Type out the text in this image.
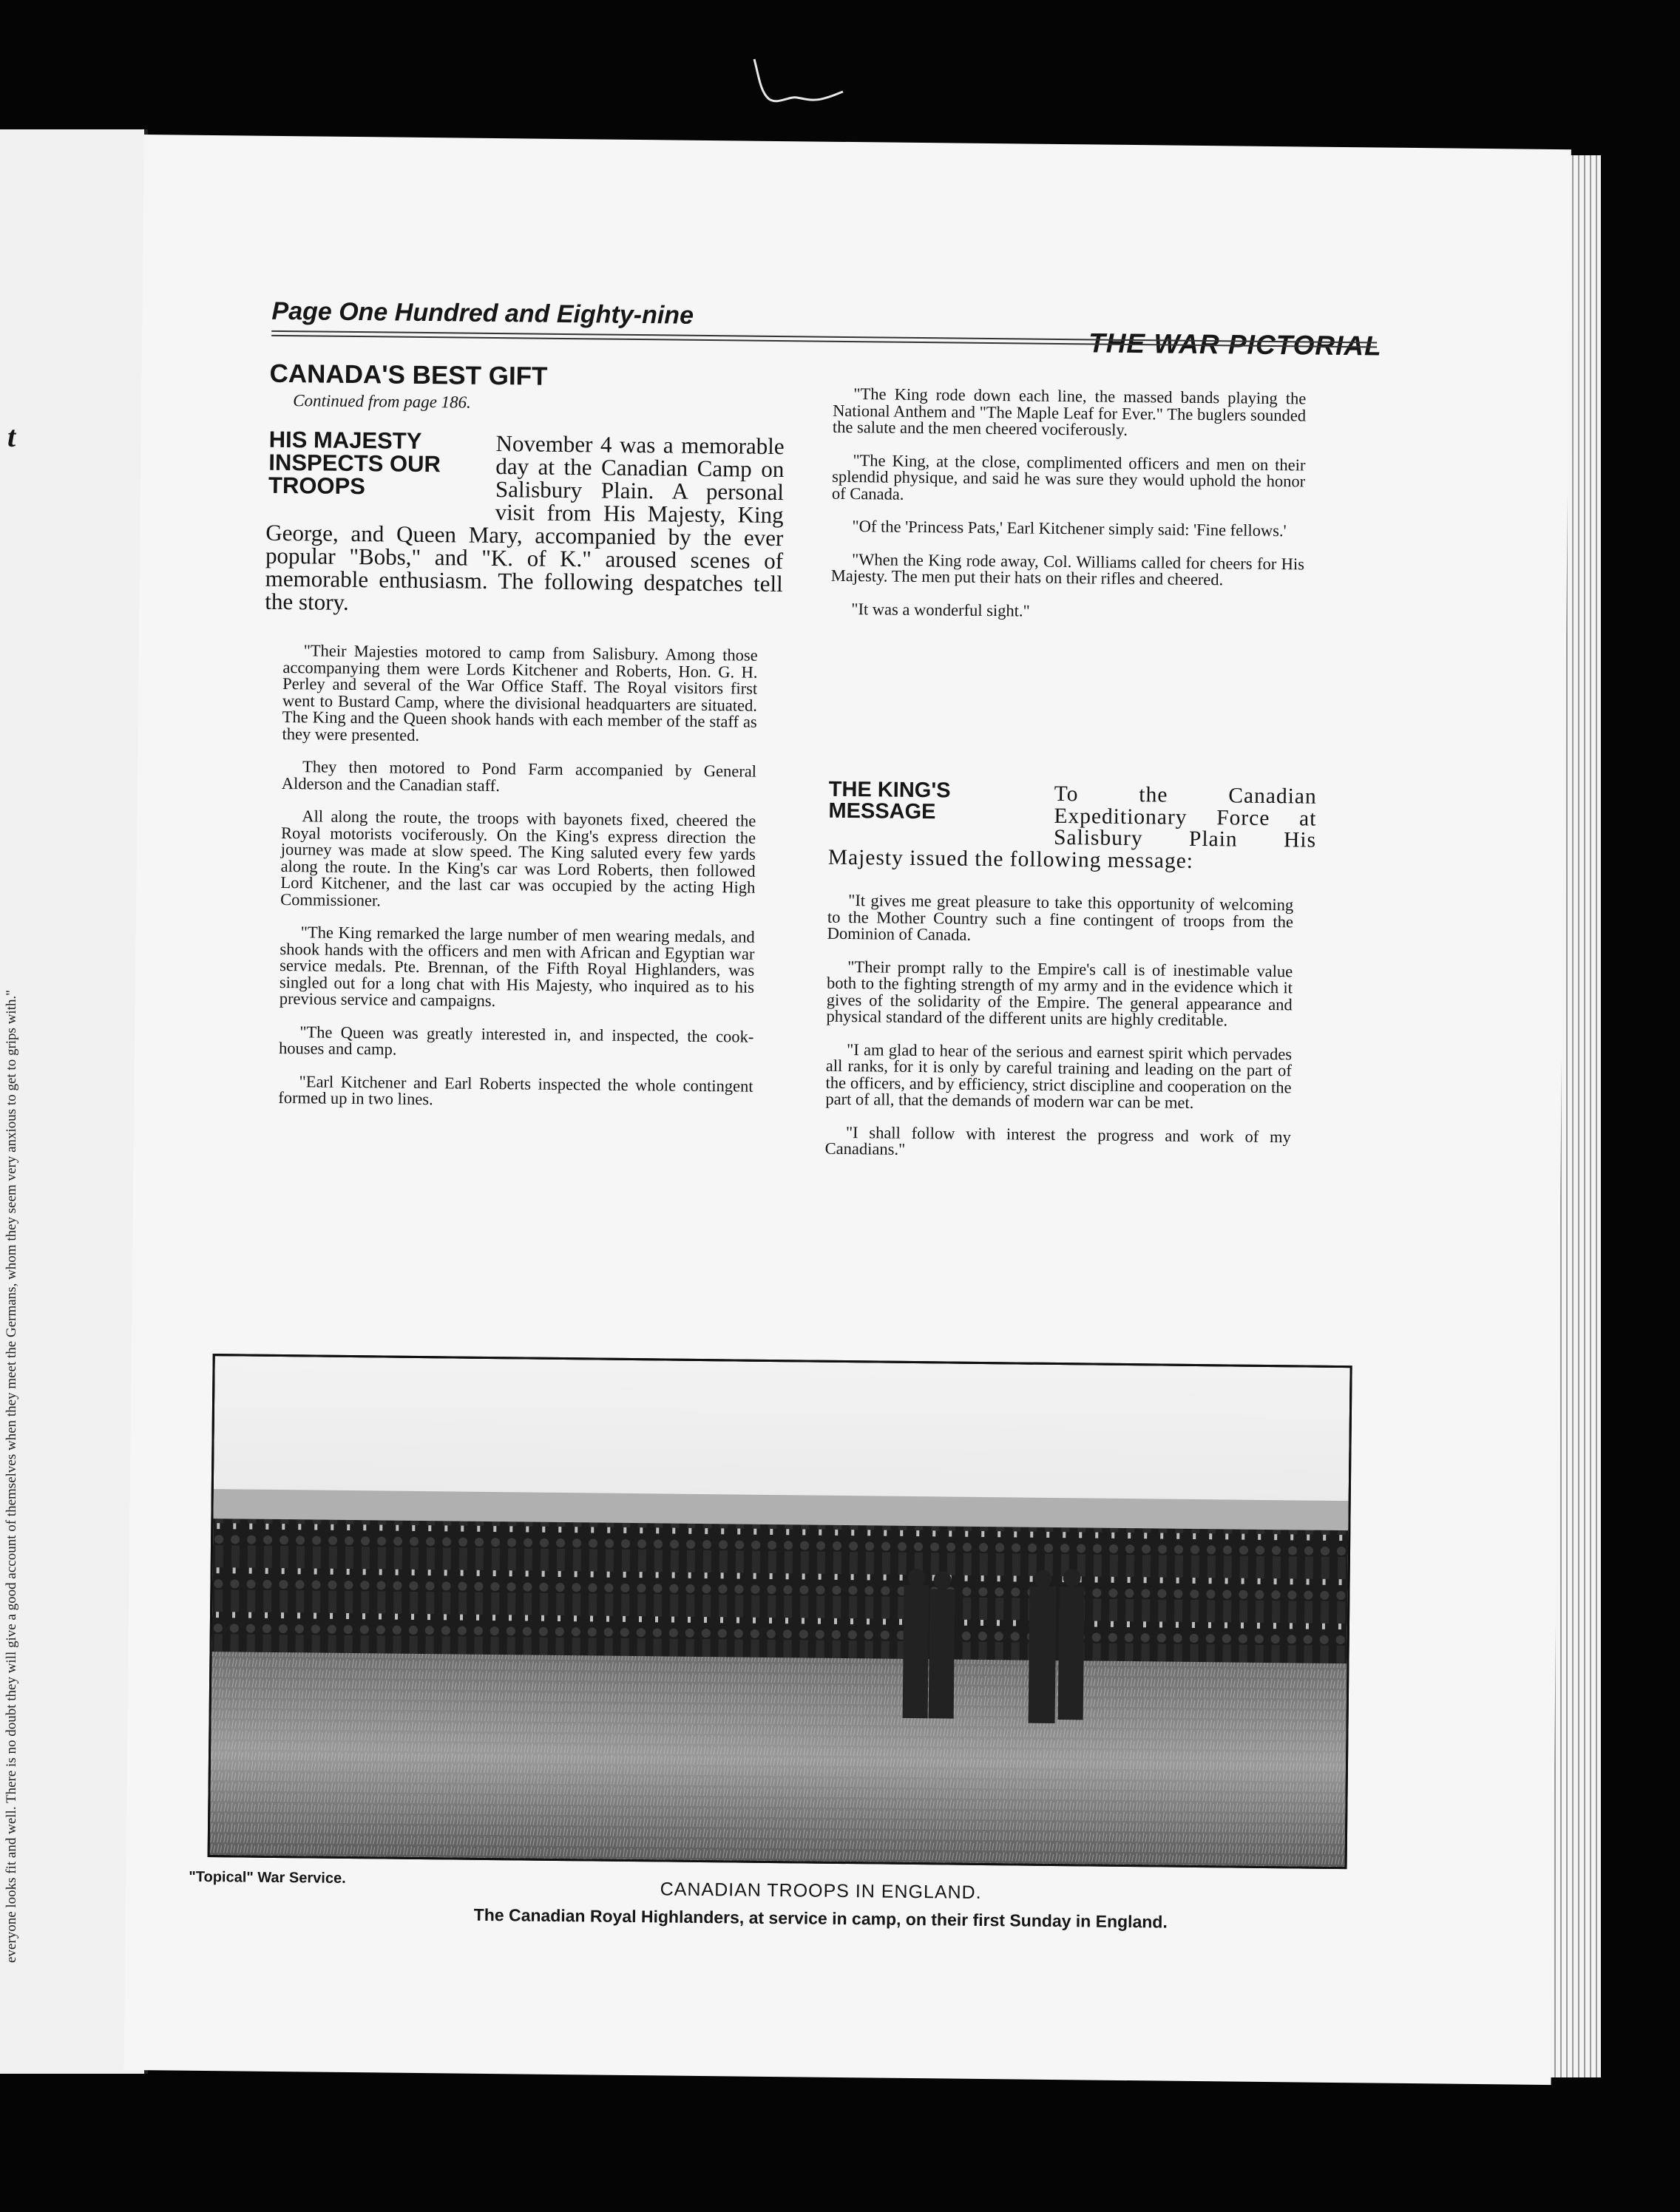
t
everyone looks fit and well. There is no doubt they will give a good account of themselves when they meet the Germans, whom they seem very anxious to get to grips with."
Page One Hundred and Eighty-nine
THE WAR PICTORIAL
CANADA'S BEST GIFT
Continued from page 186.
HIS MAJESTY INSPECTS OUR TROOPS
November 4 was a memorable day at the Canadian Camp on Salisbury Plain. A personal visit from His Majesty, King George, and Queen Mary, accompanied by the ever popular "Bobs," and "K. of K." aroused scenes of memorable enthusiasm. The following despatches tell the story.

"Their Majesties motored to camp from Salisbury. Among those accompanying them were Lords Kitchener and Roberts, Hon. G. H. Perley and several of the War Office Staff. The Royal visitors first went to Bustard Camp, where the divisional headquarters are situated. The King and the Queen shook hands with each member of the staff as they were presented.

They then motored to Pond Farm accompanied by General Alderson and the Canadian staff.

All along the route, the troops with bayonets fixed, cheered the Royal motorists vociferously. On the King's express direction the journey was made at slow speed. The King saluted every few yards along the route. In the King's car was Lord Roberts, then followed Lord Kitchener, and the last car was occupied by the acting High Commissioner.

"The King remarked the large number of men wearing medals, and shook hands with the officers and men with African and Egyptian war service medals. Pte. Brennan, of the Fifth Royal Highlanders, was singled out for a long chat with His Majesty, who inquired as to his previous service and campaigns.

"The Queen was greatly interested in, and inspected, the cook-houses and camp.

"Earl Kitchener and Earl Roberts inspected the whole contingent formed up in two lines.

"The King rode down each line, the massed bands playing the National Anthem and "The Maple Leaf for Ever." The buglers sounded the salute and the men cheered vociferously.

"The King, at the close, complimented officers and men on their splendid physique, and said he was sure they would uphold the honor of Canada.

"Of the 'Princess Pats,' Earl Kitchener simply said: 'Fine fellows.'

"When the King rode away, Col. Williams called for cheers for His Majesty. The men put their hats on their rifles and cheered.

"It was a wonderful sight."

THE KING'S MESSAGE
To the Canadian Expeditionary Force at Salisbury Plain His Majesty issued the following message:

"It gives me great pleasure to take this opportunity of welcoming to the Mother Country such a fine contingent of troops from the Dominion of Canada.

"Their prompt rally to the Empire's call is of inestimable value both to the fighting strength of my army and in the evidence which it gives of the solidarity of the Empire. The general appearance and physical standard of the different units are highly creditable.

"I am glad to hear of the serious and earnest spirit which pervades all ranks, for it is only by careful training and leading on the part of the officers, and by efficiency, strict discipline and cooperation on the part of all, that the demands of modern war can be met.

"I shall follow with interest the progress and work of my Canadians."

"Topical" War Service.
CANADIAN TROOPS IN ENGLAND.
The Canadian Royal Highlanders, at service in camp, on their first Sunday in England.
